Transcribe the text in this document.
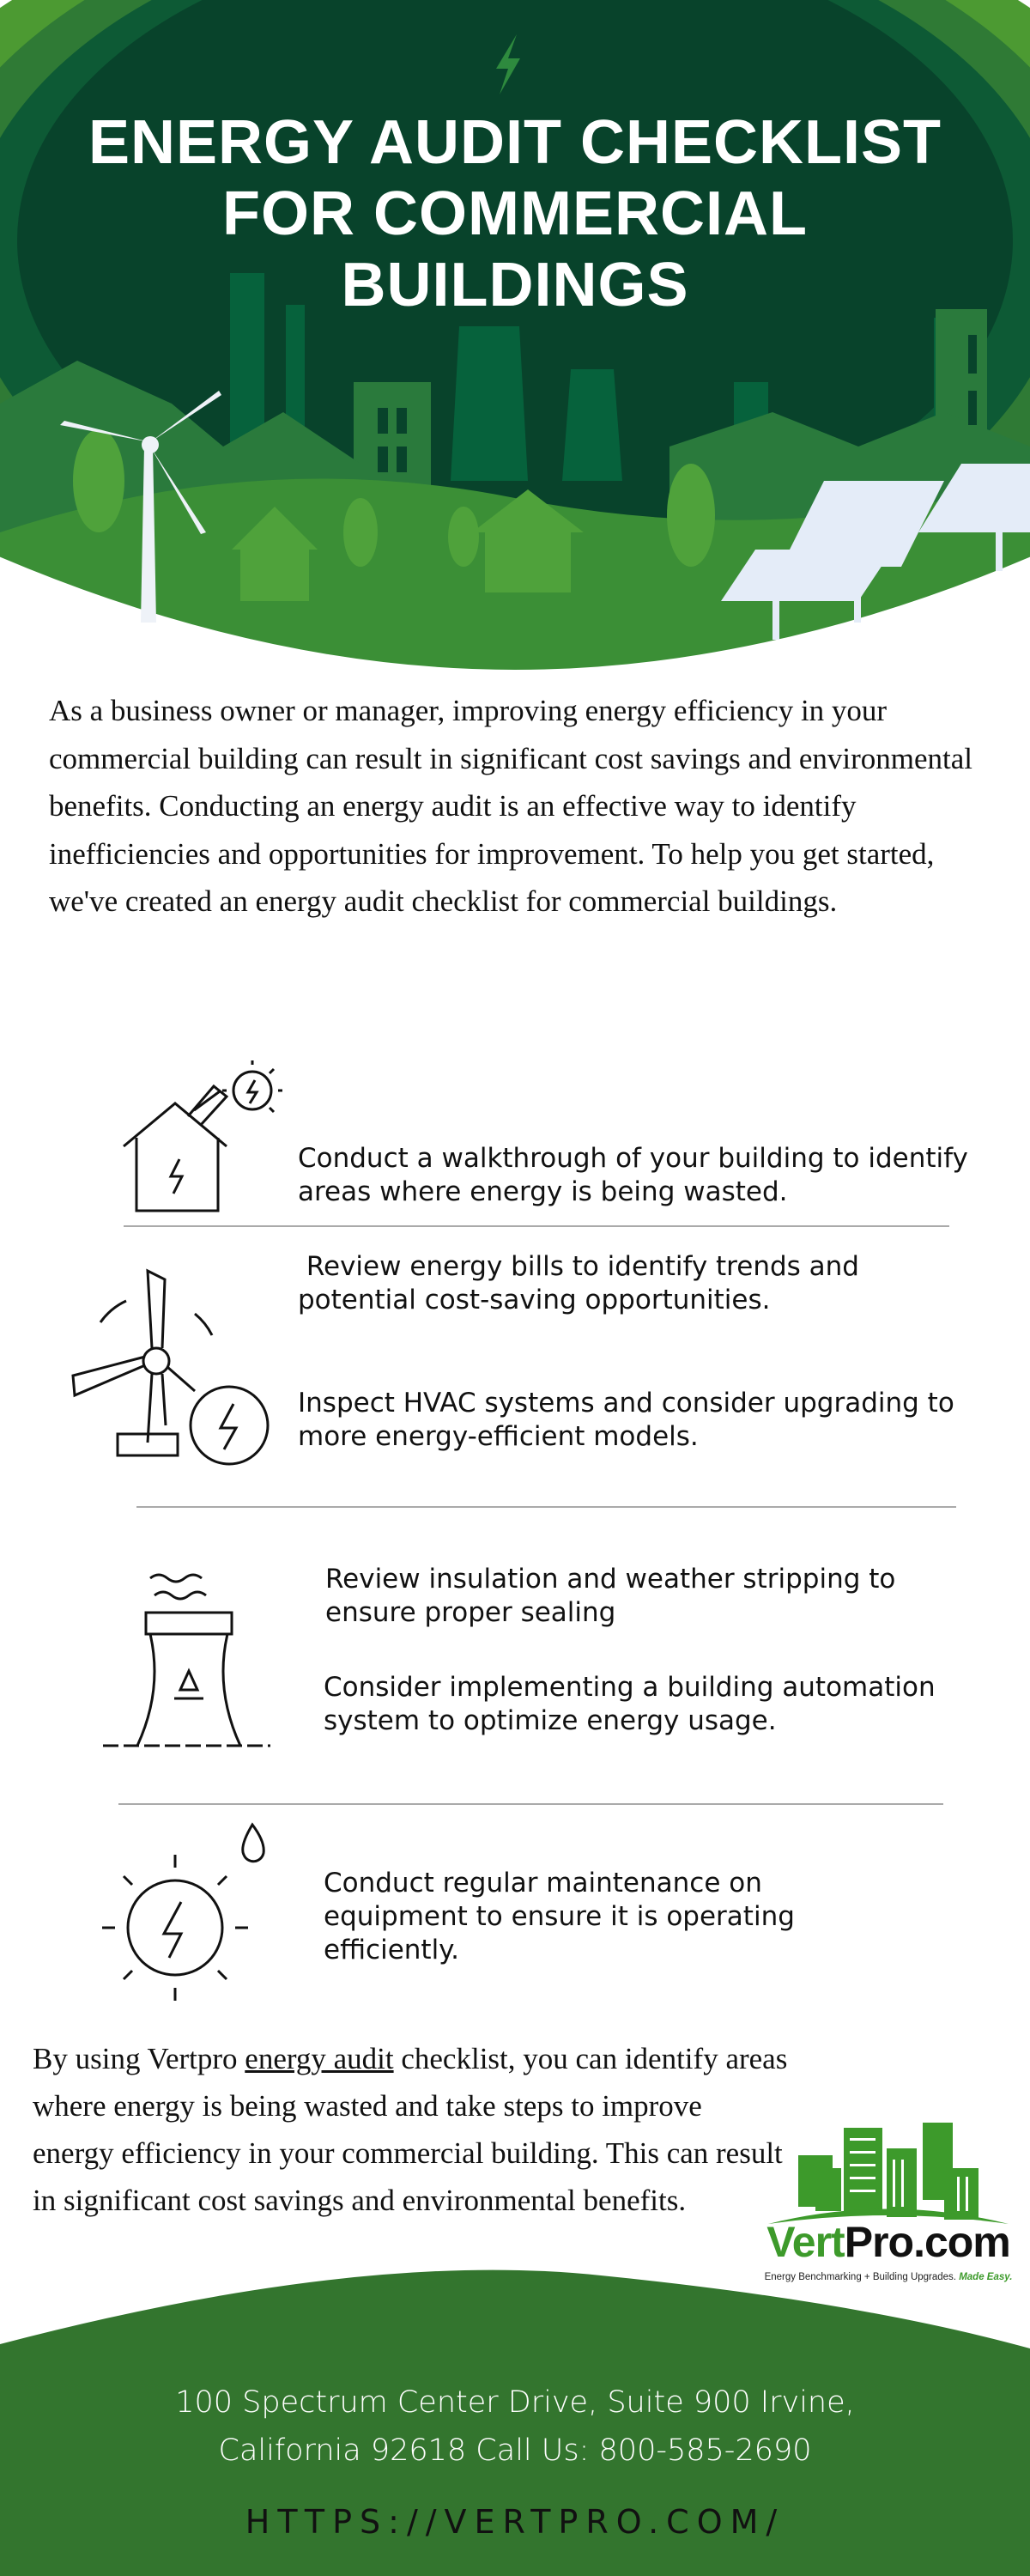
ENERGY AUDIT CHECKLIST
FOR COMMERCIAL
BUILDINGS

As a business owner or manager, improving energy efficiency in your commercial building can result in significant cost savings and environmental benefits. Conducting an energy audit is an effective way to identify inefficiencies and opportunities for improvement. To help you get started, we've created an energy audit checklist for commercial buildings.

Conduct a walkthrough of your building to identify areas where energy is being wasted.
Review energy bills to identify trends and potential cost-saving opportunities.
Inspect HVAC systems and consider upgrading to more energy-efficient models.
Review insulation and weather stripping to ensure proper sealing
Consider implementing a building automation system to optimize energy usage.
Conduct regular maintenance on equipment to ensure it is operating efficiently.

By using Vertpro energy audit checklist, you can identify areas where energy is being wasted and take steps to improve energy efficiency in your commercial building. This can result in significant cost savings and environmental benefits.

VertPro.com
Energy Benchmarking + Building Upgrades. Made Easy.
100 Spectrum Center Drive, Suite 900 Irvine,
California 92618 Call Us: 800-585-2690
HTTPS://VERTPRO.COM/
